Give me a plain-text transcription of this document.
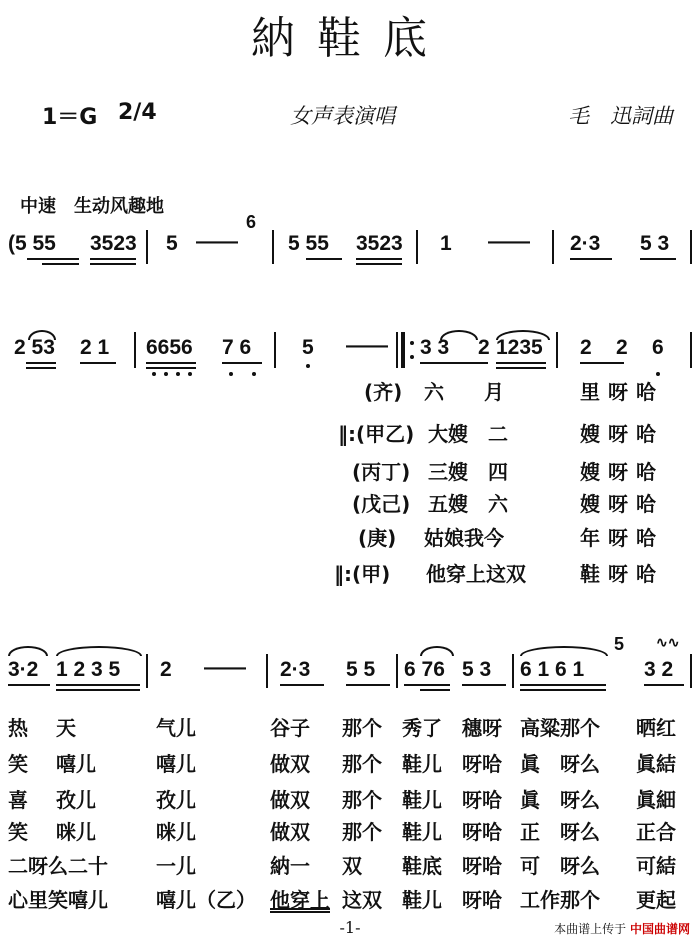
納鞋底
1＝G 2/4	女声表演唱	毛　迅詞曲
中速　生动风趣地
(5 55 3523 5 ——
6
5 55 3523 1 —— 2·3 5 3
2 53 2 1 6656 7 6 5 —— 3 3 2 1235 2 2 6
(齐) 六　　月	里呀哈
‖:(甲乙) 大嫂　二	嫂呀哈
(丙丁) 三嫂　四	嫂呀哈
(戊己) 五嫂　六	嫂呀哈
(庚) 姑娘我今	年呀哈
‖:(甲) 他穿上这双	鞋呀哈
3·2 1 2 3 5 2 —— 2·3 5 5 6 76 5 3 6 1 6 1
5
3 2
∿∿
热 天	气儿	谷子 那个 秀了 穗呀 高粱那个 晒红
笑 嘻儿	嘻儿	做双 那个 鞋儿 呀哈 眞　呀么 眞結
喜 孜儿	孜儿	做双 那个 鞋儿 呀哈 眞　呀么 眞細
笑 咪儿	咪儿	做双 那个 鞋儿 呀哈 正　呀么 正合
二呀么二十 一儿	納一 双 鞋底 呀哈 可　呀么 可結
心里笑嘻儿 嘻儿（乙） 他穿上 这双 鞋儿 呀哈 工作那个 更起
-1-	本曲谱上传于 中国曲谱网
